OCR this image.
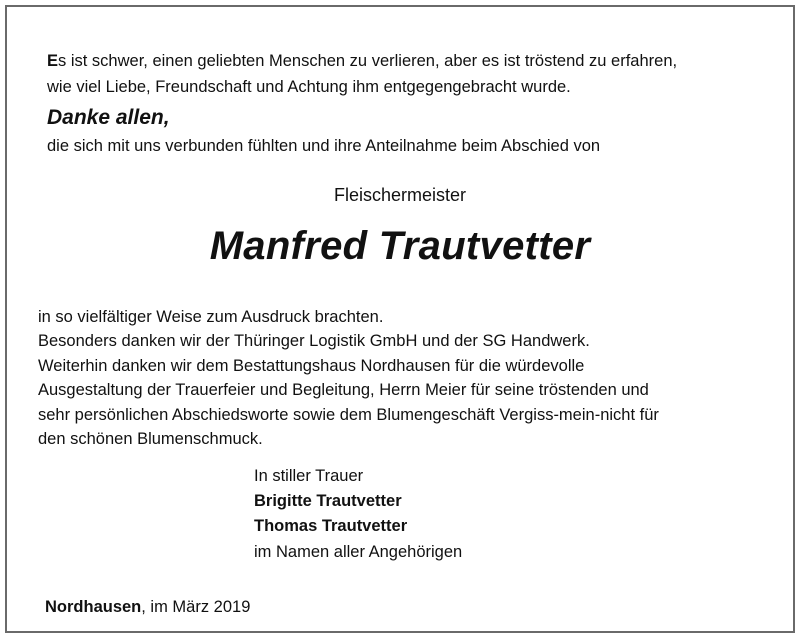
Es ist schwer, einen geliebten Menschen zu verlieren, aber es ist tröstend zu erfahren,
wie viel Liebe, Freundschaft und Achtung ihm entgegengebracht wurde.
Danke allen,
die sich mit uns verbunden fühlten und ihre Anteilnahme beim Abschied von
Fleischermeister
Manfred Trautvetter
in so vielfältiger Weise zum Ausdruck brachten.
Besonders danken wir der Thüringer Logistik GmbH und der SG Handwerk.
Weiterhin danken wir dem Bestattungshaus Nordhausen für die würdevolle
Ausgestaltung der Trauerfeier und Begleitung, Herrn Meier für seine tröstenden und
sehr persönlichen Abschiedsworte sowie dem Blumengeschäft Vergiss-mein-nicht für
den schönen Blumenschmuck.
In stiller Trauer
Brigitte Trautvetter
Thomas Trautvetter
im Namen aller Angehörigen
Nordhausen, im März 2019
